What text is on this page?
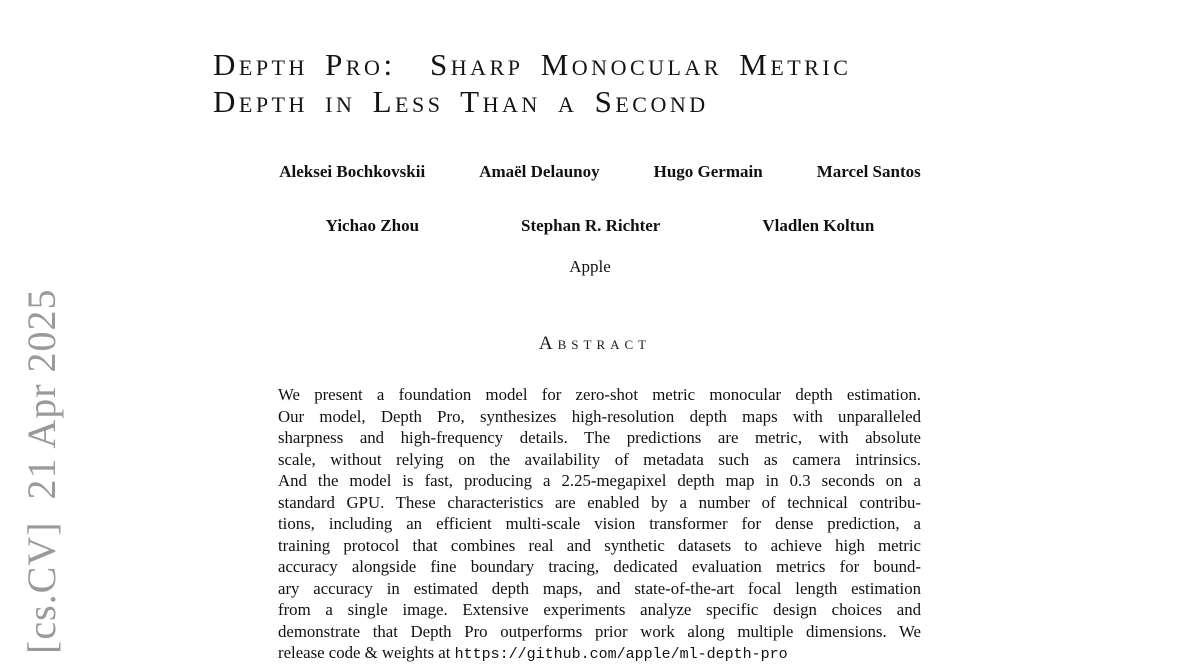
[cs.CV]  21 Apr 2025
Depth Pro:  Sharp Monocular Metric
Depth in Less Than a Second
Aleksei Bochkovskii	Amaël Delaunoy	Hugo Germain	Marcel Santos
Yichao Zhou	Stephan R. Richter	Vladlen Koltun
Apple
Abstract
We present a foundation model for zero-shot metric monocular depth estimation.
Our model, Depth Pro, synthesizes high-resolution depth maps with unparalleled
sharpness and high-frequency details. The predictions are metric, with absolute
scale, without relying on the availability of metadata such as camera intrinsics.
And the model is fast, producing a 2.25-megapixel depth map in 0.3 seconds on a
standard GPU. These characteristics are enabled by a number of technical contribu-
tions, including an efficient multi-scale vision transformer for dense prediction, a
training protocol that combines real and synthetic datasets to achieve high metric
accuracy alongside fine boundary tracing, dedicated evaluation metrics for bound-
ary accuracy in estimated depth maps, and state-of-the-art focal length estimation
from a single image. Extensive experiments analyze specific design choices and
demonstrate that Depth Pro outperforms prior work along multiple dimensions. We
release code & weights at https://github.com/apple/ml-depth-pro
